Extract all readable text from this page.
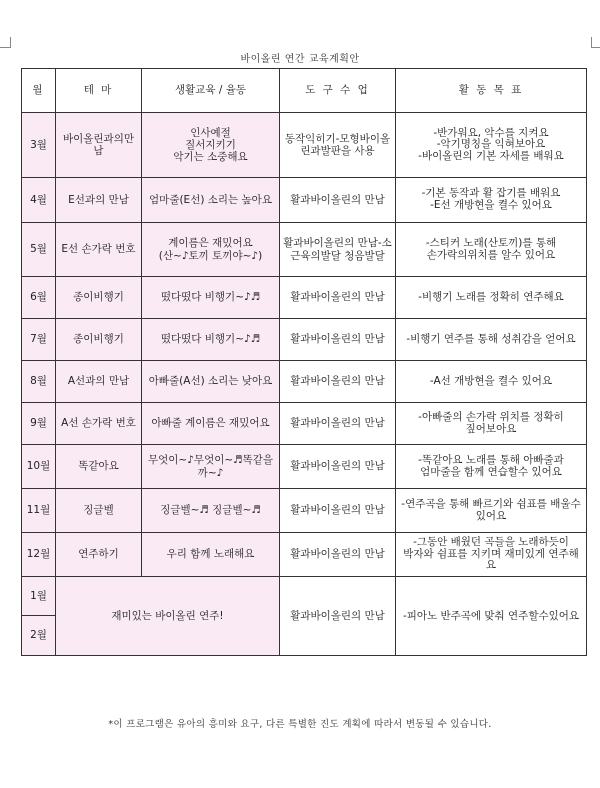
바이올린 연간 교육계획안
월	테 마	생활교육 / 율동	도 구 수 업	활 동 목 표
3월	바이올린과의만남	인사예절
질서지키기
악기는 소중해요	동작익히기-모형바이올린과발판을 사용	-반가워요, 악수를 지켜요
-악기명칭을 익혀보아요
-바이올린의 기본 자세를 배워요
4월	E선과의 만남	엄마줄(E선) 소리는 높아요	활과바이올린의 만남	-기본 동작과 활 잡기를 배워요
-E선 개방현을 켤수 있어요
5월	E선 손가락 번호	계이름은 재밌어요
(산~♪토끼 토끼야~♪)	활과바이올린의 만남-소근육의발달 청음발달	-스티커 노래(산토끼)를 통해
손가락의위치를 알수 있어요
6월	종이비행기	떴다떴다 비행기~♪♬	활과바이올린의 만남	-비행기 노래를 정확히 연주해요
7월	종이비행기	떴다떴다 비행기~♪♬	활과바이올린의 만남	-비행기 연주를 통해 성취감을 얻어요
8월	A선과의 만남	아빠줄(A선) 소리는 낮아요	활과바이올린의 만남	-A선 개방현을 켤수 있어요
9월	A선 손가락 번호	아빠줄 계이름은 재밌어요	활과바이올린의 만남	-아빠줄의 손가락 위치를 정확히
짚어보아요
10월	똑같아요	무엇이~♪무엇이~♬똑같을까~♪	활과바이올린의 만남	-똑같아요 노래를 통해 아빠줄과
엄마줄을 함께 연습할수 있어요
11월	징글벨	징글벨~♬ 징글벨~♬	활과바이올린의 만남	-연주곡을 통해 빠르기와 쉼표를 배울수
있어요
12월	연주하기	우리 함께 노래해요	활과바이올린의 만남	-그동안 배웠던 곡들을 노래하듯이
박자와 쉼표를 지키며 재미있게 연주해요
1월	재미있는 바이올린 연주!		활과바이올린의 만남	-피아노 반주곡에 맞춰 연주할수있어요
2월				
*이 프로그램은 유아의 흥미와 요구, 다른 특별한 진도 계획에 따라서 변동될 수 있습니다.
